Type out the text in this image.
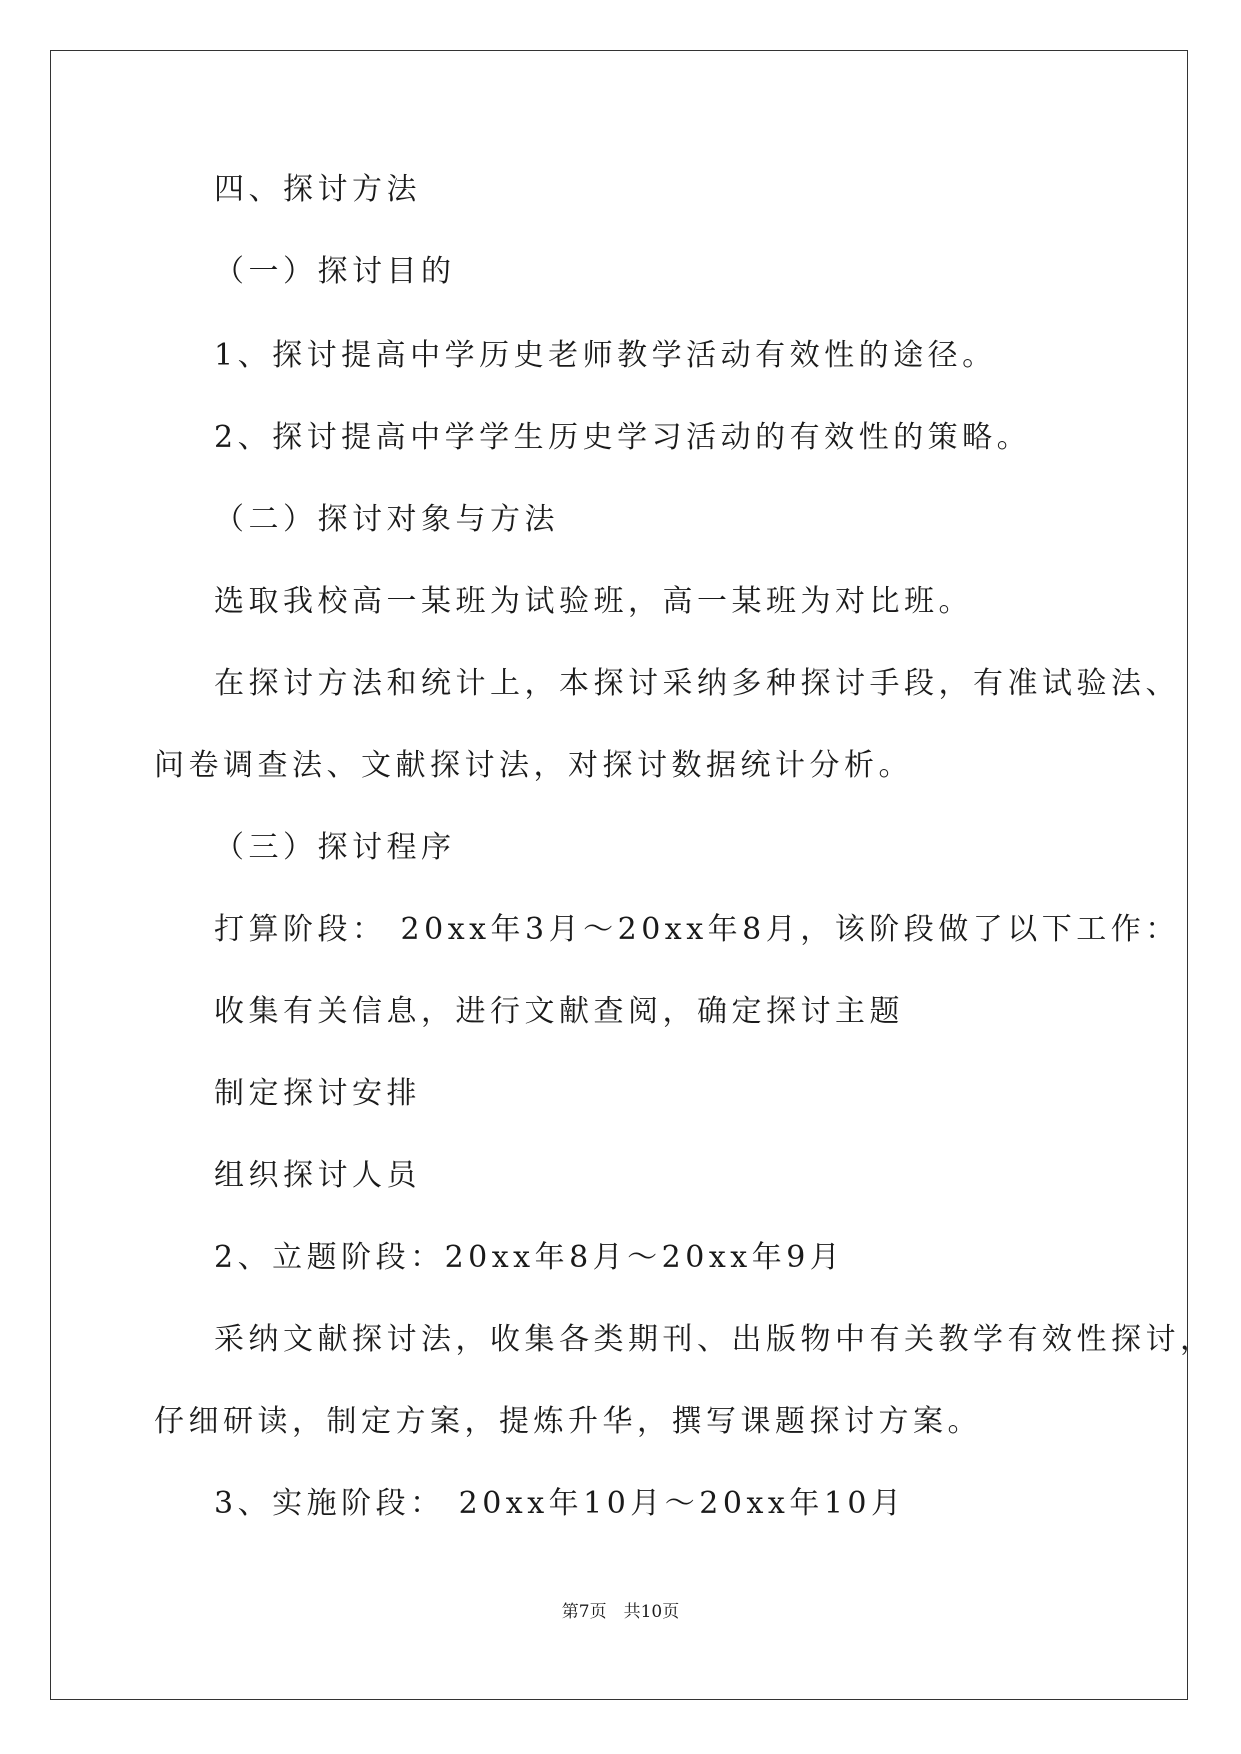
四、探讨方法
（一）探讨目的
1、探讨提高中学历史老师教学活动有效性的途径。
2、探讨提高中学学生历史学习活动的有效性的策略。
（二）探讨对象与方法
选取我校高一某班为试验班，高一某班为对比班。
在探讨方法和统计上，本探讨采纳多种探讨手段，有准试验法、
问卷调查法、文献探讨法，对探讨数据统计分析。
（三）探讨程序
打算阶段： 20xx年3月～20xx年8月，该阶段做了以下工作：
收集有关信息，进行文献查阅，确定探讨主题
制定探讨安排
组织探讨人员
2、立题阶段：20xx年8月～20xx年9月
采纳文献探讨法，收集各类期刊、出版物中有关教学有效性探讨，
仔细研读，制定方案，提炼升华，撰写课题探讨方案。
3、实施阶段： 20xx年10月～20xx年10月
第7页　共10页
